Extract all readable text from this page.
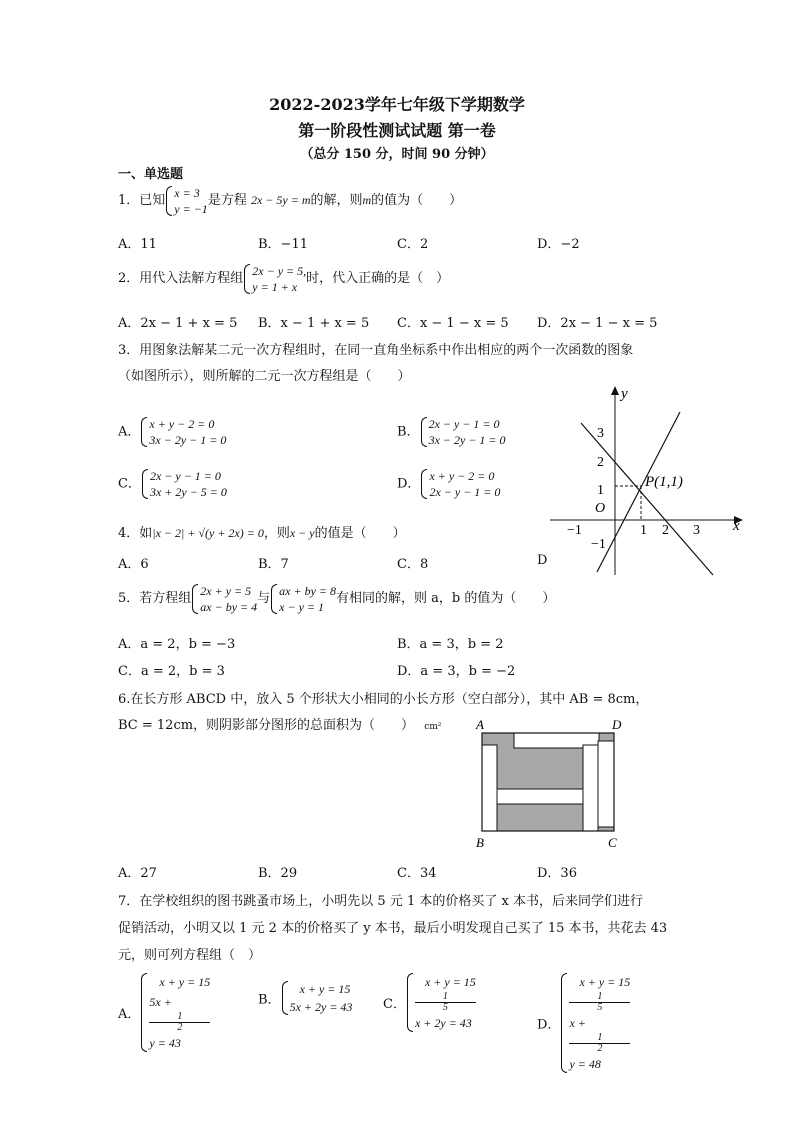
2022-2023学年七年级下学期数学
第一阶段性测试试题 第一卷
（总分 150 分，时间 90 分钟）
一、单选题
1．已知
x = 3
y = −1
是方程 2x − 5y = m的解，则m的值为（　　）
A．11	B．−11	C．2	D．−2
2．用代入法解方程组
2x − y = 5,
y = 1 + x
时，代入正确的是（　）
A．2x − 1 + x = 5 B．x − 1 + x = 5 C．x − 1 − x = 5 D．2x − 1 − x = 5
3．用图象法解某二元一次方程组时，在同一直角坐标系中作出相应的两个一次函数的图象
（如图所示），则所解的二元一次方程组是（　　）
A．
x + y − 2 = 0
3x − 2y − 1 = 0
B．
2x − y − 1 = 0
3x − 2y − 1 = 0
C．
2x − y − 1 = 0
3x + 2y − 5 = 0
D．
x + y − 2 = 0
2x − y − 1 = 0
y
x
O
3
2
1
−1
−1	1 2 3
P(1,1)
4．如|x − 2| + √(y + 2x) = 0，则x − y的值是（　　）
A．6	B．7	C．8	D
5．若方程组
2x + y = 5
ax − by = 4
与
ax + by = 8
x − y = 1
有相同的解，则 a，b 的值为（　　）
A．a = 2，b = −3	B．a = 3，b = 2
C．a = 2，b = 3	D．a = 3，b = −2
6.在长方形 ABCD 中，放入 5 个形状大小相同的小长方形（空白部分），其中 AB = 8cm，
BC = 12cm，则阴影部分图形的总面积为（　　） cm²	A	D
B	C
A．27	B．29	C．34	D．36
7．在学校组织的图书跳蚤市场上，小明先以 5 元 1 本的价格买了 x 本书，后来同学们进行
促销活动，小明又以 1 元 2 本的价格买了 y 本书，最后小明发现自己买了 15 本书，共花去 43
元，则可列方程组（　）
A．
x + y = 15
5x +
1
2
y = 43
B．
x + y = 15
5x + 2y = 43 C．
x + y = 15
1
5
x + 2y = 43	D．
x + y = 15
1
5
x +
1
2
y = 48
